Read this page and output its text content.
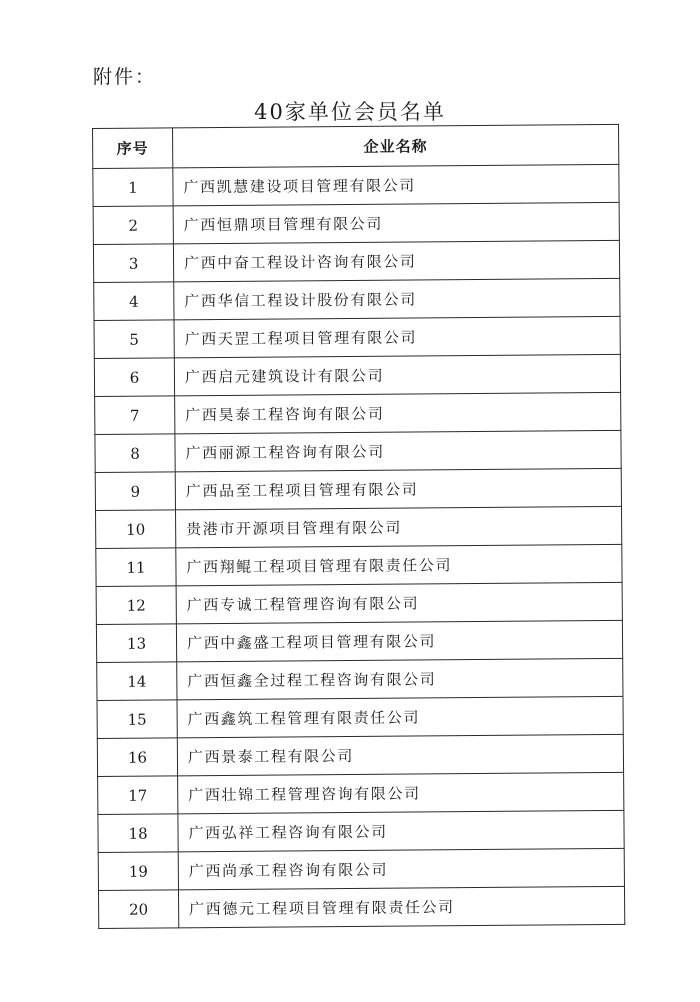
附件：
40家单位会员名单
序号	企业名称
1	广西凯慧建设项目管理有限公司
2	广西恒鼎项目管理有限公司
3	广西中奋工程设计咨询有限公司
4	广西华信工程设计股份有限公司
5	广西天罡工程项目管理有限公司
6	广西启元建筑设计有限公司
7	广西昊泰工程咨询有限公司
8	广西丽源工程咨询有限公司
9	广西品至工程项目管理有限公司
10	贵港市开源项目管理有限公司
11	广西翔鲲工程项目管理有限责任公司
12	广西专诚工程管理咨询有限公司
13	广西中鑫盛工程项目管理有限公司
14	广西恒鑫全过程工程咨询有限公司
15	广西鑫筑工程管理有限责任公司
16	广西景泰工程有限公司
17	广西壮锦工程管理咨询有限公司
18	广西弘祥工程咨询有限公司
19	广西尚承工程咨询有限公司
20	广西德元工程项目管理有限责任公司
